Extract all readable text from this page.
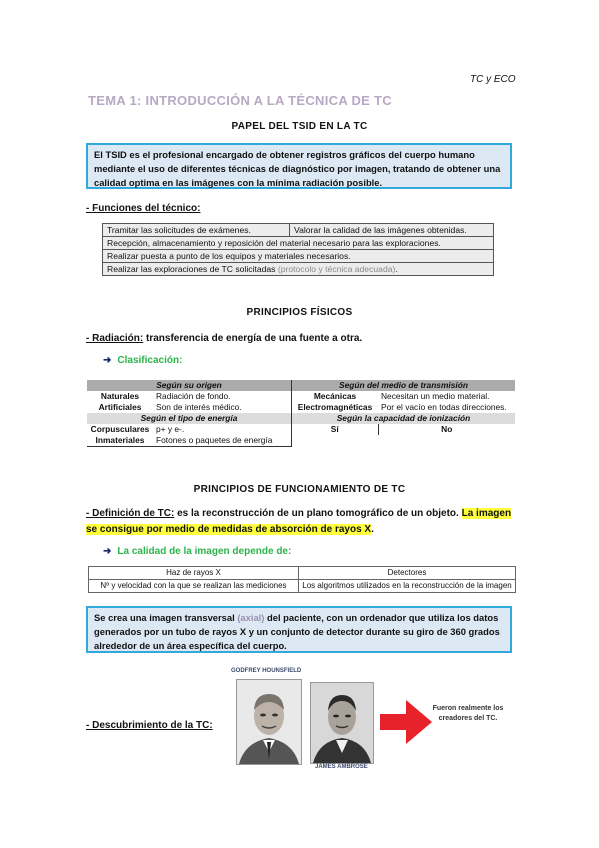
TC y ECO
TEMA 1: INTRODUCCIÓN A LA TÉCNICA DE TC
PAPEL DEL TSID EN LA TC
El TSID es el profesional encargado de obtener registros gráficos del cuerpo humano mediante el uso de diferentes técnicas de diagnóstico por imagen, tratando de obtener una calidad optima en las imágenes con la mínima radiación posible.
- Funciones del técnico:
Tramitar las solicitudes de exámenes.	Valorar la calidad de las imágenes obtenidas.
Recepción, almacenamiento y reposición del material necesario para las exploraciones.
Realizar puesta a punto de los equipos y materiales necesarios.
Realizar las exploraciones de TC solicitadas (protocolo y técnica adecuada).
PRINCIPIOS FÍSICOS
- Radiación: transferencia de energía de una fuente a otra.
➜ Clasificación:
Según su origen		Según del medio de transmisión	
Naturales	Radiación de fondo.	Mecánicas	Necesitan un medio material.
Artificiales	Son de interés médico.	Electromagnéticas	Por el vacío en todas direcciones.
Según el tipo de energía		Según la capacidad de ionización	
Corpusculares	p+ y e-.	Sí	No
Inmateriales	Fotones o paquetes de energía		
PRINCIPIOS DE FUNCIONAMIENTO DE TC
- Definición de TC: es la reconstrucción de un plano tomográfico de un objeto. La imagen se consigue por medio de medidas de absorción de rayos X.
➜ La calidad de la imagen depende de:
Haz de rayos X	Detectores
Nº y velocidad con la que se realizan las mediciones	Los algoritmos utilizados en la reconstrucción de la imagen
Se crea una imagen transversal (axial) del paciente, con un ordenador que utiliza los datos generados por un tubo de rayos X y un conjunto de detector durante su giro de 360 grados alrededor de un área específica del cuerpo.
- Descubrimiento de la TC:
GODFREY HOUNSFIELD
JAMES AMBROSE
Fueron realmente los creadores del TC.
